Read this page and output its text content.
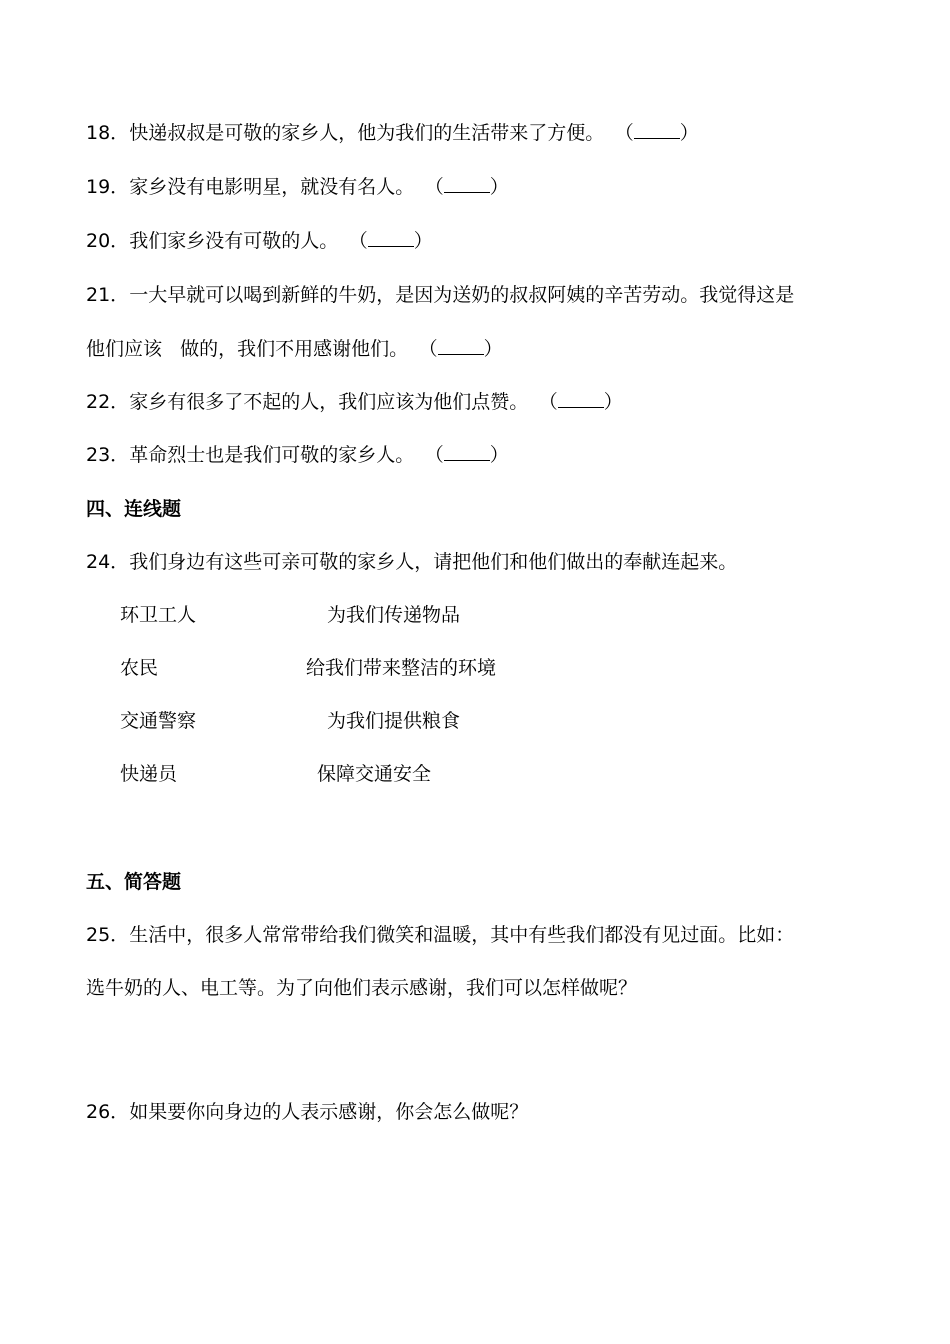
18．快递叔叔是可敬的家乡人，他为我们的生活带来了方便。 （ ）
19．家乡没有电影明星，就没有名人。 （ ）
20．我们家乡没有可敬的人。 （ ）
21．一大早就可以喝到新鲜的牛奶，是因为送奶的叔叔阿姨的辛苦劳动。我觉得这是
他们应该   做的，我们不用感谢他们。 （ ）
22．家乡有很多了不起的人，我们应该为他们点赞。 （ ）
23．革命烈士也是我们可敬的家乡人。 （ ）
四、连线题
24．我们身边有这些可亲可敬的家乡人，请把他们和他们做出的奉献连起来。
环卫工人	为我们传递物品
农民	给我们带来整洁的环境
交通警察	为我们提供粮食
快递员	保障交通安全
五、简答题
25．生活中，很多人常常带给我们微笑和温暖，其中有些我们都没有见过面。比如：
选牛奶的人、电工等。为了向他们表示感谢，我们可以怎样做呢？
26．如果要你向身边的人表示感谢，你会怎么做呢？
